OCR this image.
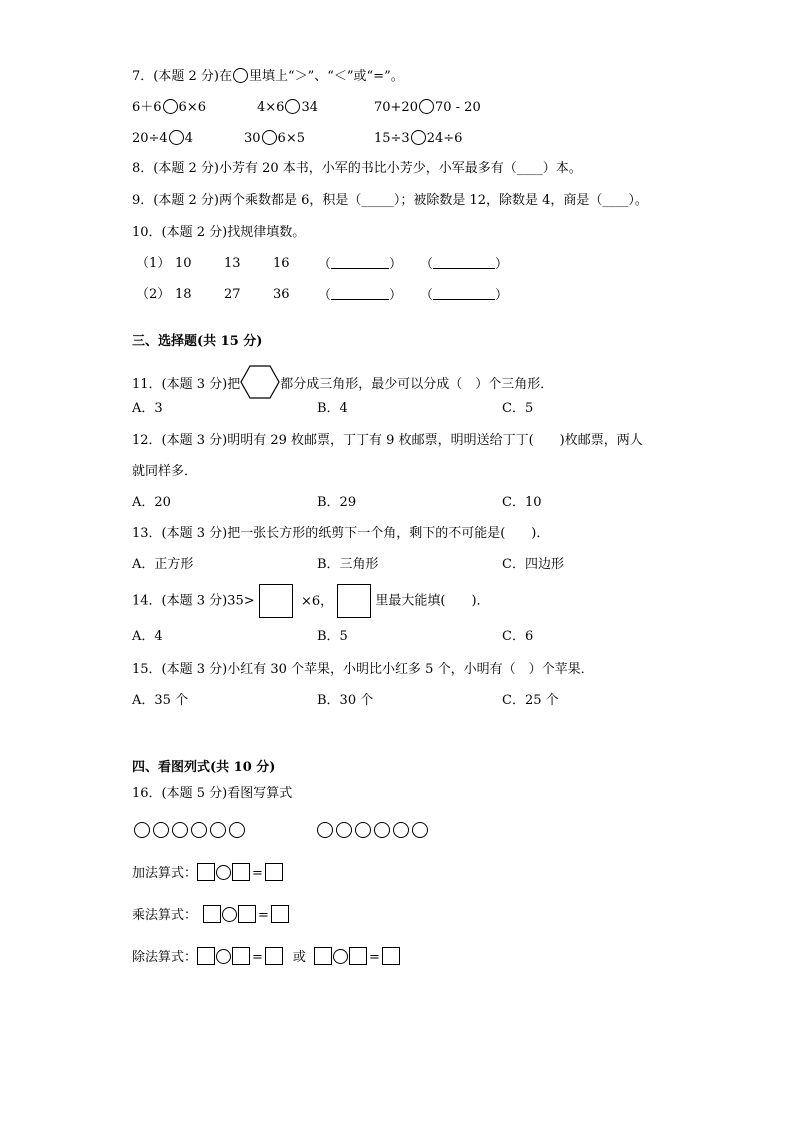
7．(本题 2 分)在 里填上“＞”、“＜”或“=”。
6＋6 6×6	4×6 34	70+20 70 - 20
20÷4 4	30 6×5	15÷3 24÷6
8．(本题 2 分)小芳有 20 本书，小军的书比小芳少，小军最多有（____）本。
9．(本题 2 分)两个乘数都是 6，积是（_____）；被除数是 12，除数是 4，商是（____）。
10．(本题 2 分)找规律填数。
（1） 10 13 16 （	） （	）
（2） 18 27 36 （	） （	）
三、选择题(共 15 分)
11．(本题 3 分)把	都分成三角形，最少可以分成（　）个三角形．
A．3	B．4	C．5
12．(本题 3 分)明明有 29 枚邮票，丁丁有 9 枚邮票，明明送给丁丁(　　)枚邮票，两人
就同样多．
A．20	B．29	C．10
13．(本题 3 分)把一张长方形的纸剪下一个角，剩下的不可能是(　　)．
A．正方形	B．三角形	C．四边形
14．(本题 3 分)35>	×6，	里最大能填(　　)．
A．4	B．5	C．6
15．(本题 3 分)小红有 30 个苹果，小明比小红多 5 个，小明有（　）个苹果．
A．35 个	B．30 个	C．25 个
四、看图列式(共 10 分)
16．(本题 5 分)看图写算式
加法算式：	=
乘法算式：	=
除法算式：	= 或	=
